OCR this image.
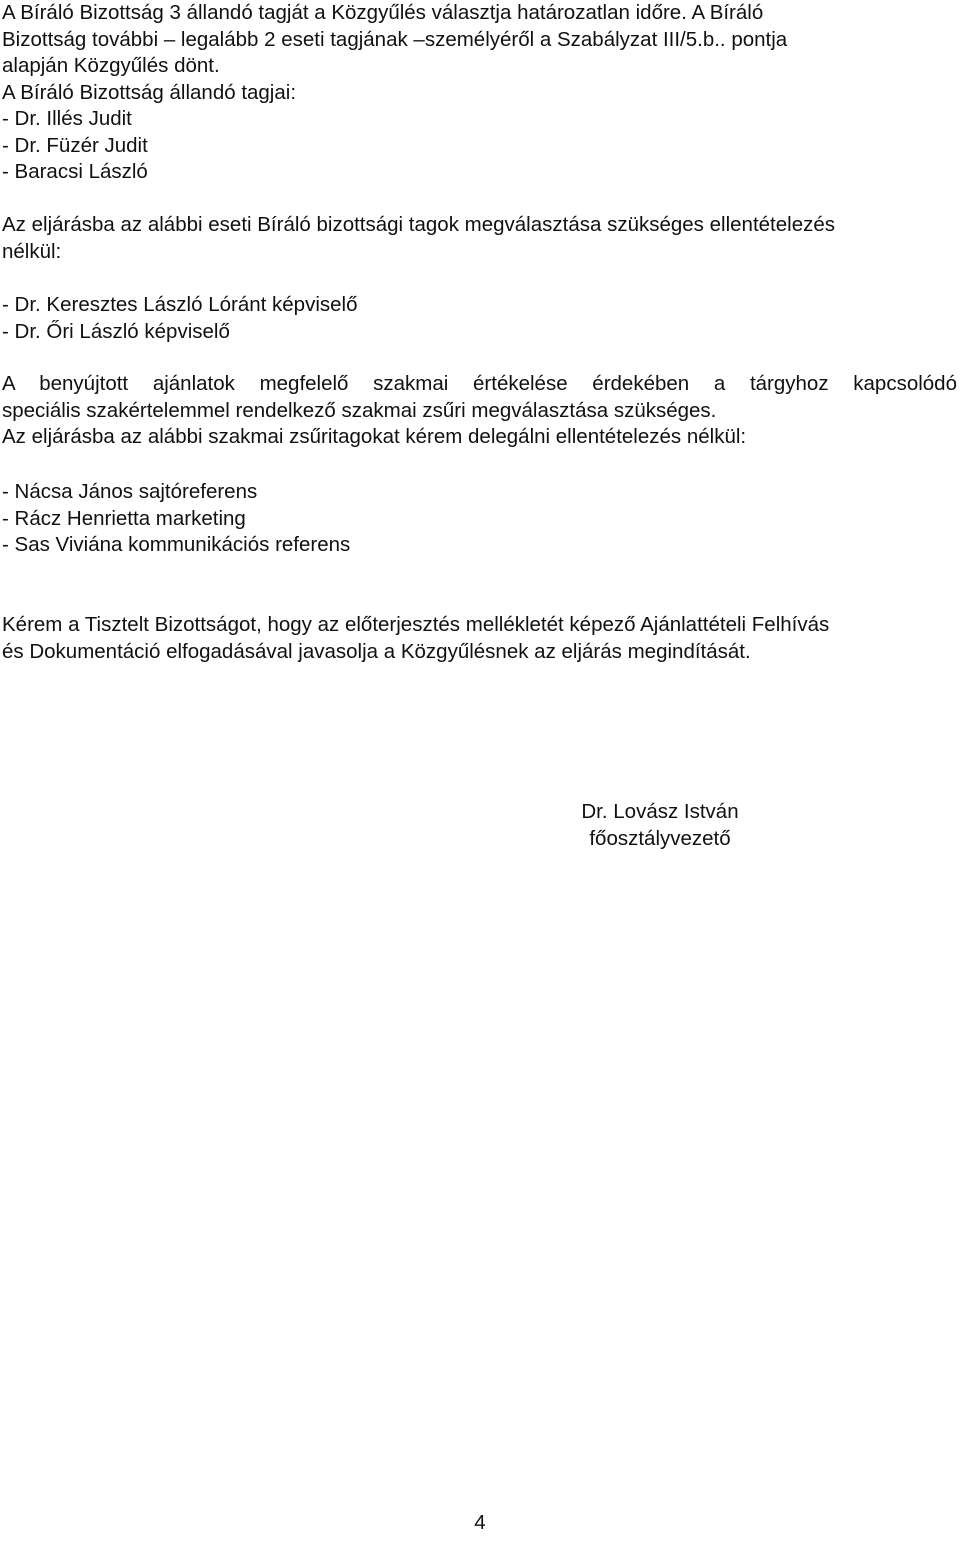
A Bíráló Bizottság 3 állandó tagját a Közgyűlés választja határozatlan időre. A Bíráló
Bizottság további – legalább 2 eseti tagjának –személyéről a Szabályzat III/5.b.. pontja
alapján Közgyűlés dönt.
A Bíráló Bizottság állandó tagjai:
- Dr. Illés Judit
- Dr. Füzér Judit
- Baracsi László
Az eljárásba az alábbi eseti Bíráló bizottsági tagok megválasztása szükséges ellentételezés
nélkül:
- Dr. Keresztes László Lóránt képviselő
- Dr. Őri László képviselő
A benyújtott ajánlatok megfelelő szakmai értékelése érdekében a tárgyhoz kapcsolódó
speciális szakértelemmel rendelkező szakmai zsűri megválasztása szükséges.
Az eljárásba az alábbi szakmai zsűritagokat kérem delegálni ellentételezés nélkül:
- Nácsa János sajtóreferens
- Rácz Henrietta marketing
- Sas Viviána kommunikációs referens
Kérem a Tisztelt Bizottságot, hogy az előterjesztés mellékletét képező Ajánlattételi Felhívás
és Dokumentáció elfogadásával javasolja a Közgyűlésnek az eljárás megindítását.
Dr. Lovász István
főosztályvezető
4
